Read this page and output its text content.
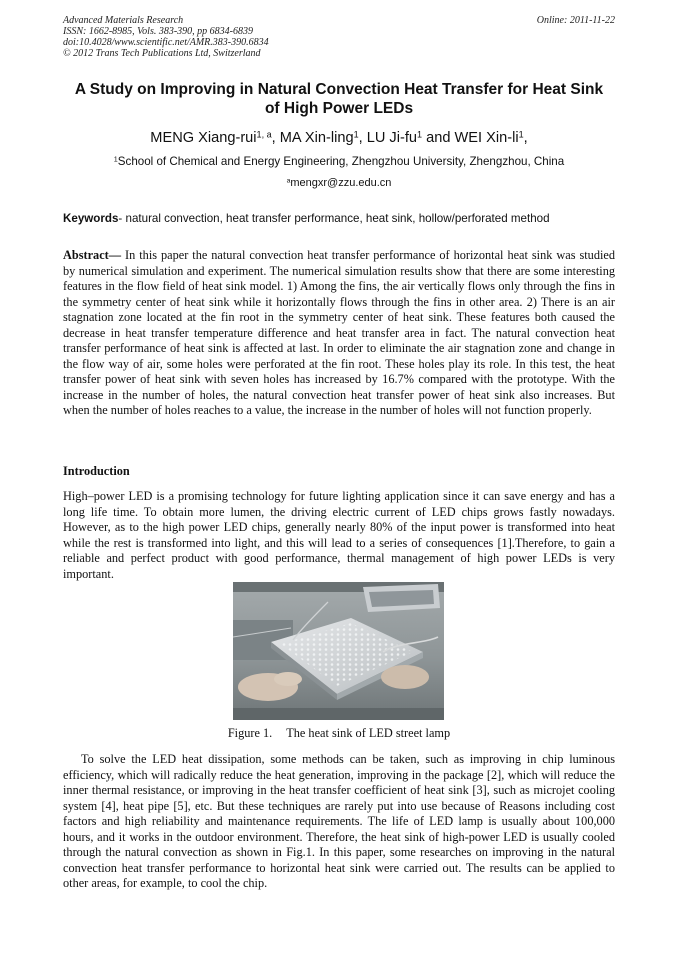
Advanced Materials Research
ISSN: 1662-8985, Vols. 383-390, pp 6834-6839
doi:10.4028/www.scientific.net/AMR.383-390.6834
© 2012 Trans Tech Publications Ltd, Switzerland
Online: 2011-11-22
A Study on Improving in Natural Convection Heat Transfer for Heat Sink
of High Power LEDs
MENG Xiang-rui$^{1, a}$, MA Xin-ling$^1$, LU $Ji-fu^1$ and WEI Xin-$li^1$,
$^1$School of Chemical and Energy Engineering, Zhengzhou University, Zhengzhou, China
$^a$mengxr@zzu.edu.cn
Keywords- natural convection, heat transfer performance, heat sink, hollow/perforated method
Abstract— In this paper the natural convection heat transfer performance of horizontal heat sink was studied by numerical simulation and experiment. The numerical simulation results show that there are some interesting features in the flow field of heat sink model. 1) Among the fins, the air vertically flows only through the fins in the symmetry center of heat sink while it horizontally flows through the fins in other area. 2) There is an air stagnation zone located at the fin root in the symmetry center of heat sink. These features both caused the decrease in heat transfer temperature difference and heat transfer area in fact. The natural convection heat transfer performance of heat sink is affected at last. In order to eliminate the air stagnation zone and change in the flow way of air, some holes were perforated at the fin root. These holes play its role. In this test, the heat transfer power of heat sink with seven holes has increased by 16.7% compared with the prototype. With the increase in the number of holes, the natural convection heat transfer power of heat sink also increases. But when the number of holes reaches to a value, the increase in the number of holes will not function properly.
Introduction
High–power LED is a promising technology for future lighting application since it can save energy and has a long life time. To obtain more lumen, the driving electric current of LED chips grows fastly nowadays. However, as to the high power LED chips, generally nearly 80% of the input power is transformed into heat while the rest is transformed into light, and this will lead to a series of consequences [1].Therefore, to gain a reliable and perfect product with good performance, thermal management of high power LEDs is very important.
Figure 1. The heat sink of LED street lamp
To solve the LED heat dissipation, some methods can be taken, such as improving in chip luminous efficiency, which will radically reduce the heat generation, improving in the package [2], which will reduce the inner thermal resistance, or improving in the heat transfer coefficient of heat sink [3], such as microjet cooling system [4], heat pipe [5], etc. But these techniques are rarely put into use because of Reasons including cost factors and high reliability and maintenance requirements. The life of LED lamp is usually about 100,000 hours, and it works in the outdoor environment. Therefore, the heat sink of high-power LED is usually cooled through the natural convection as shown in Fig.1. In this paper, some researches on improving in the natural convection heat transfer performance to horizontal heat sink were carried out. The results can be applied to other areas, for example, to cool the chip.
